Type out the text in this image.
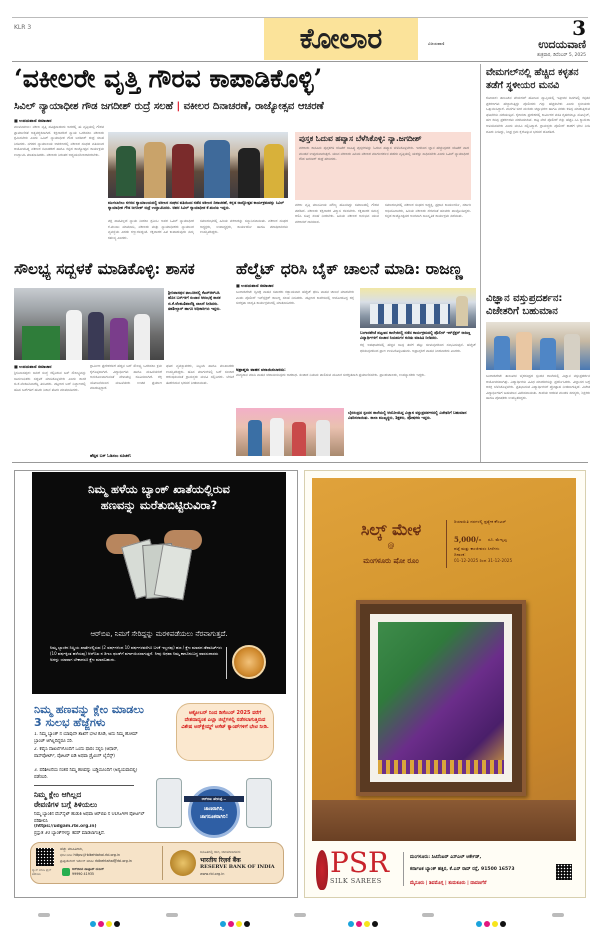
KLR 3	ಕೋಲಾರ	3
ವಿಜಯವಾಣಿ	ಉದಯವಾಣಿ
ಶುಕ್ರವಾರ, ಡಿಸೆಂಬರ್ 5, 2025
‘ವಕೀಲರೇ ವೃತ್ತಿ ಗೌರವ ಕಾಪಾಡಿಕೊಳ್ಳಿ’
ಸಿವಿಲ್ ನ್ಯಾಯಾಧೀಶ ಗೌಡ ಜಗದೀಶ್ ರುದ್ರೆ ಸಲಹೆ | ವಕೀಲರ ದಿನಾಚರಣೆ, ರಾಜ್ಯೋತ್ಸವ ಆಚರಣೆ
■ ಉದಯವಾಣಿ ಸಮಾಚಾರ
ಮುಳಬಾಗಿಲು: ವಕೀಲ ವೃತ್ತಿ ಪವಿತ್ರವಾದುದು ಅದರಲ್ಲಿ ಈ ವೃತ್ತಿಯಲ್ಲಿ ಗೌರವ ಪ್ರಾಮಾಣಿಕತೆ ಅತ್ಯವಶ್ಯಕವಾಗಿದೆ. ಕಕ್ಷಿದಾರರಿಗೆ ನ್ಯಾಯ ಒದಗಿಸಲು ವಕೀಲರು ಶ್ರಮಿಸಬೇಕು ಎಂದು ಸಿವಿಲ್ ನ್ಯಾಯಾಧೀಶ ಗೌಡ ಜಗದೀಶ್ ರುದ್ರೆ ಸಲಹೆ ನೀಡಿದರು. ನಗರದ ನ್ಯಾಯಾಲಯ ಆವರಣದಲ್ಲಿ ವಕೀಲರ ಸಂಘದ ವತಿಯಿಂದ ಆಯೋಜಿಸಿದ್ದ ವಕೀಲರ ದಿನಾಚರಣೆ ಹಾಗೂ ಕನ್ನಡ ರಾಜ್ಯೋತ್ಸವ ಕಾರ್ಯಕ್ರಮ ಉದ್ಘಾಟಿಸಿ ಮಾತನಾಡಿದರು. ವಕೀಲರು ನಿರಂತರ ಅಧ್ಯಯನಶೀಲರಾಗಿರಬೇಕು.
ಮುಳಬಾಗಿಲು ನಗರದ ನ್ಯಾಯಾಲಯದಲ್ಲಿ ವಕೀಲರ ಸಂಘದ ವತಿಯಿಂದ ನಡೆದ ವಕೀಲರ ದಿನಾಚರಣೆ, ಕನ್ನಡ ರಾಜ್ಯೋತ್ಸವ ಕಾರ್ಯಕ್ರಮವನ್ನು ಸಿವಿಲ್ ನ್ಯಾಯಾಧೀಶ ಗೌಡ ಜಗದೀಶ್ ರುದ್ರೆ ಉದ್ಘಾಟಿಸಿದರು. ಅಪರ ಸಿವಿಲ್ ನ್ಯಾಯಾಧೀಶ ಕೆ.ಮಂಜು ಇದ್ದರು.
ಪಕ್ಷ ಪಾತವಿಲ್ಲದೆ ನ್ಯಾಯ ನೀಡಲು ಶ್ರಮಿಸಿ: ಅಪರ ಸಿವಿಲ್ ನ್ಯಾಯಾಧೀಶ ಕೆ.ಮಂಜು ಮಾತನಾಡಿ, ವಕೀಲರು ಮತ್ತು ನ್ಯಾಯಾಧೀಶರು ನ್ಯಾಯಾಂಗ ವ್ಯವಸ್ಥೆಯ ಎರಡು ಕಣ್ಣುಗಳಿದ್ದಂತೆ. ಕಕ್ಷಿದಾರರ ಹಿತ ಕಾಪಾಡುವುದು ನಮ್ಮ ಕರ್ತವ್ಯ ಎಂದರು.
ಸಮಾರಂಭದಲ್ಲಿ ಹಿರಿಯ ವಕೀಲರನ್ನು ಸನ್ಮಾನಿಸಲಾಯಿತು. ವಕೀಲರ ಸಂಘದ ಅಧ್ಯಕ್ಷರು, ಉಪಾಧ್ಯಕ್ಷರು, ಕಾರ್ಯದರ್ಶಿ ಹಾಗೂ ಪದಾಧಿಕಾರಿಗಳು ಉಪಸ್ಥಿತರಿದ್ದರು.
ಪುಸ್ತಕ ಓದುವ ಹವ್ಯಾಸ ಬೆಳೆಸಿಕೊಳ್ಳಿ: ನ್ಯಾ.ಜಗದೀಶ್
ವಕೀಲರು ಕಾನೂನು ಪುಸ್ತಕಗಳ ಜೊತೆಗೆ ಸಾಹಿತ್ಯ ಪುಸ್ತಕಗಳನ್ನು ಓದುವ ಹವ್ಯಾಸ ಬೆಳೆಸಿಕೊಳ್ಳಬೇಕು. ಇದರಿಂದ ಜ್ಞಾನ ಹೆಚ್ಚುವುದರ ಜೊತೆಗೆ ವಾದ ಮಂಡನೆ ಉತ್ತಮವಾಗುತ್ತದೆ. ಯುವ ವಕೀಲರು ಹಿರಿಯ ವಕೀಲರ ಮಾರ್ಗದರ್ಶನ ಪಡೆದು ವೃತ್ತಿಯಲ್ಲಿ ಯಶಸ್ಸು ಸಾಧಿಸಬೇಕು ಎಂದು ಸಿವಿಲ್ ನ್ಯಾಯಾಧೀಶ ಗೌಡ ಜಗದೀಶ್ ರುದ್ರೆ ಹೇಳಿದರು.
ವಕೀಲ ವೃತ್ತಿ ಮಾನವೀಯ ಮೌಲ್ಯ ಹೊಂದಿದ್ದು ಸಮಾಜದಲ್ಲಿ ಗೌರವ ಪಡೆದಿದೆ. ವಕೀಲರು ಕಕ್ಷಿದಾರರ ವಿಶ್ವಾಸ ಗಳಿಸಬೇಕು. ಕಕ್ಷಿದಾರರ ಸಮಸ್ಯೆ ಆಲಿಸಿ ಸೂಕ್ತ ಸಲಹೆ ನೀಡಬೇಕು. ಹಿರಿಯ ವಕೀಲರ ಅನುಭವ ಯುವ ವಕೀಲರಿಗೆ ದಾರಿದೀಪ.
ಸಮಾರಂಭದಲ್ಲಿ ವಕೀಲರ ಸಂಘದ ಅಧ್ಯಕ್ಷ, ಪ್ರಧಾನ ಕಾರ್ಯದರ್ಶಿ, ಸರ್ಕಾರಿ ಅಭಿಯೋಜಕರು, ಹಿರಿಯ ವಕೀಲರು ಸೇರಿದಂತೆ ಹಲವರು ಪಾಲ್ಗೊಂಡಿದ್ದರು. ಕನ್ನಡ ರಾಜ್ಯೋತ್ಸವದ ಅಂಗವಾಗಿ ಸಾಂಸ್ಕೃತಿಕ ಕಾರ್ಯಕ್ರಮ ನಡೆಯಿತು.
ವೇಮಗಲ್‌ನಲ್ಲಿ ಹೆಚ್ಚಿದ ಕಳ್ಳತನ ತಡೆಗೆ ಸ್ಥಳೀಯರ ಮನವಿ
ಕೋಲಾರ: ತಾಲೂಕಿನ ವೇಮಗಲ್ ಹೋಬಳಿ ವ್ಯಾಪ್ತಿಯಲ್ಲಿ ಇತ್ತೀಚಿನ ದಿನಗಳಲ್ಲಿ ಕಳ್ಳತನ ಪ್ರಕರಣಗಳು ಹೆಚ್ಚಾಗುತ್ತಿದ್ದು ಪೊಲೀಸರು ಗಸ್ತು ಹೆಚ್ಚಿಸಬೇಕು ಎಂದು ಸ್ಥಳೀಯರು ಒತ್ತಾಯಿಸಿದ್ದಾರೆ. ಮನೆಗಳ ಬೀಗ ಮುರಿದು ಚಿನ್ನಾಭರಣ ಹಾಗೂ ನಗದು ಕಳವು ಮಾಡುತ್ತಿರುವ ಘಟನೆಗಳು ನಡೆಯುತ್ತಿವೆ. ಕೈಗಾರಿಕಾ ಪ್ರದೇಶದಲ್ಲಿ ಕಾರ್ಮಿಕರ ವಸತಿ ಗೃಹಗಳಲ್ಲೂ ಮೊಬೈಲ್, ಹಣ ಕಳವು ಪ್ರಕರಣಗಳು ವರದಿಯಾಗಿವೆ. ರಾತ್ರಿ ವೇಳೆ ಪೊಲೀಸ್ ಗಸ್ತು ಹೆಚ್ಚಿಸಿ ಸಿಸಿ ಕ್ಯಾಮೆರಾ ಅಳವಡಿಸಬೇಕು ಎಂದು ಮನವಿ ಸಲ್ಲಿಸಿದ್ದಾರೆ. ಗ್ರಾಮಸ್ಥರು ಪೊಲೀಸ್ ಠಾಣೆಗೆ ಭೇಟಿ ನೀಡಿ ದೂರು ನೀಡಿದ್ದು, ಶೀಘ್ರ ಕ್ರಮ ಕೈಗೊಳ್ಳುವ ಭರವಸೆ ದೊರೆತಿದೆ.
ಸೌಲಭ್ಯ ಸದ್ಬಳಕೆ ಮಾಡಿಕೊಳ್ಳಿ: ಶಾಸಕ
ಶ್ರೀನಿವಾಸಪುರ ತಾಲೂಕಿನಲ್ಲಿ ಕೆಎಸ್‌ಆರ್‌ಟಿಸಿ ಹೊಸ ಬಸ್‌ಗಳಿಗೆ ಸಂಚಾರ ಆರಂಭಕ್ಕೆ ಶಾಸಕ ಜಿ.ಕೆ.ವೆಂಕಟಶಿವಾರೆಡ್ಡಿ ಚಾಲನೆ ನೀಡಿದರು. ತಹಶೀಲ್ದಾರ್ ಹಾಗೂ ಅಧಿಕಾರಿಗಳು ಇದ್ದರು.
■ ಉದಯವಾಣಿ ಸಮಾಚಾರ
ಶ್ರೀನಿವಾಸಪುರ: ಸಾರಿಗೆ ಸಂಸ್ಥೆ ಕಲ್ಪಿಸಿರುವ ಬಸ್ ಸೌಲಭ್ಯವನ್ನು ಸಾರ್ವಜನಿಕರು ಸದ್ಬಳಕೆ ಮಾಡಿಕೊಳ್ಳಬೇಕು ಎಂದು ಶಾಸಕ ಜಿ.ಕೆ.ವೆಂಕಟಶಿವಾರೆಡ್ಡಿ ತಿಳಿಸಿದರು. ಪಟ್ಟಣದ ಬಸ್ ನಿಲ್ದಾಣದಲ್ಲಿ ಹೊಸ ಬಸ್‌ಗಳಿಗೆ ಹಸಿರು ನಿಶಾನೆ ತೋರಿ ಮಾತನಾಡಿದರು.
ಗ್ರಾಮೀಣ ಪ್ರದೇಶಗಳಿಗೆ ಹೆಚ್ಚಿನ ಬಸ್ ಸೌಲಭ್ಯ ಒದಗಿಸಲು ಕ್ರಮ ಕೈಗೊಳ್ಳಲಾಗಿದೆ. ವಿದ್ಯಾರ್ಥಿಗಳು ಹಾಗೂ ಮಹಿಳೆಯರಿಗೆ ಅನುಕೂಲವಾಗುವಂತೆ ವೇಳಾಪಟ್ಟಿ ರೂಪಿಸಲಾಗಿದೆ. ಶಕ್ತಿ ಯೋಜನೆಯಿಂದ ಮಹಿಳೆಯರು ಉಚಿತ ಪ್ರಯಾಣ ಮಾಡುತ್ತಿದ್ದಾರೆ.
ಹೆಚ್ಚಿನ ಬಸ್ ಓಡಿಸಲು ಸೂಚನೆ:
ಘಟಕ ವ್ಯವಸ್ಥಾಪಕರು, ಸಿಬ್ಬಂದಿ ಹಾಗೂ ಮುಖಂಡರು ಉಪಸ್ಥಿತರಿದ್ದರು. ಹೊಸ ಮಾರ್ಗಗಳಲ್ಲಿ ಬಸ್ ಸಂಚಾರ ಆರಂಭಿಸುವಂತೆ ಗ್ರಾಮಸ್ಥರು ಮನವಿ ಸಲ್ಲಿಸಿದರು. ಬೇಡಿಕೆ ಈಡೇರಿಸುವ ಭರವಸೆ ನೀಡಲಾಯಿತು.
ಹೆಲ್ಮೆಟ್ ಧರಿಸಿ ಬೈಕ್ ಚಾಲನೆ ಮಾಡಿ: ರಾಜಣ್ಣ
■ ಉದಯವಾಣಿ ಸಮಾಚಾರ
ಬಂಗಾರಪೇಟೆ: ದ್ವಿಚಕ್ರ ವಾಹನ ಸವಾರರು ಕಡ್ಡಾಯವಾಗಿ ಹೆಲ್ಮೆಟ್ ಧರಿಸಿ ವಾಹನ ಚಾಲನೆ ಮಾಡಬೇಕು ಎಂದು ಪೊಲೀಸ್ ಇನ್‌ಸ್ಪೆಕ್ಟರ್ ರಾಜಣ್ಣ ಸಲಹೆ ನೀಡಿದರು. ಪಟ್ಟಣದ ಕಾಲೇಜಿನಲ್ಲಿ ಆಯೋಜಿಸಿದ್ದ ರಸ್ತೆ ಸುರಕ್ಷತಾ ಜಾಗೃತಿ ಕಾರ್ಯಕ್ರಮದಲ್ಲಿ ಮಾತನಾಡಿದರು.
ಬಂಗಾರಪೇಟೆ ಪಟ್ಟಣದ ಕಾಲೇಜಿನಲ್ಲಿ ನಡೆದ ಕಾರ್ಯಕ್ರಮದಲ್ಲಿ ಪೊಲೀಸ್ ಇನ್‌ಸ್ಪೆಕ್ಟರ್ ರಾಜಣ್ಣ ವಿದ್ಯಾರ್ಥಿಗಳಿಗೆ ಸಂಚಾರ ನಿಯಮಗಳ ಕುರಿತು ಮಾಹಿತಿ ನೀಡಿದರು.
ರಸ್ತೆ ಅಪಘಾತಗಳಲ್ಲಿ ಹೆಚ್ಚಿನ ಸಾವು ತಲೆಗೆ ಪೆಟ್ಟು ಬೀಳುವುದರಿಂದ ಸಂಭವಿಸುತ್ತವೆ. ಹೆಲ್ಮೆಟ್ ಧರಿಸುವುದರಿಂದ ಪ್ರಾಣ ಉಳಿಸಿಕೊಳ್ಳಬಹುದು. ಅಪ್ರಾಪ್ತರಿಗೆ ವಾಹನ ನೀಡಬಾರದು ಎಂದರು.
ಅಪ್ರಾಪ್ತರು ವಾಹನ ಚಲಾಯಿಸಬಾರದು:
ಮದ್ಯಪಾನ ಮಾಡಿ ವಾಹನ ಚಲಾಯಿಸುವುದು ಅಪರಾಧ. ಸಂಚಾರ ನಿಯಮ ಪಾಲಿಸುವ ಮೂಲಕ ಸುರಕ್ಷಿತವಾಗಿ ಪ್ರಯಾಣಿಸಬೇಕು. ಪ್ರಾಂಶುಪಾಲರು, ಉಪನ್ಯಾಸಕರು ಇದ್ದರು.
ಬೈರಸಂದ್ರದ ಸ್ಪಂದನ ಶಾಲೆಯಲ್ಲಿ ಆಯೋಜಿಸಿದ್ದ ವಿಜ್ಞಾನ ವಸ್ತುಪ್ರದರ್ಶನದಲ್ಲಿ ವಿಜೇತರಿಗೆ ಬಹುಮಾನ ವಿತರಿಸಲಾಯಿತು. ಶಾಲಾ ಮುಖ್ಯಸ್ಥರು, ಶಿಕ್ಷಕರು, ಪೋಷಕರು ಇದ್ದರು.
ವಿಜ್ಞಾನ ವಸ್ತುಪ್ರದರ್ಶನ: ವಿಜೇತರಿಗೆ ಬಹುಮಾನ
ಬಂಗಾರಪೇಟೆ: ತಾಲೂಕಿನ ಬೈರಸಂದ್ರದ ಸ್ಪಂದನ ಶಾಲೆಯಲ್ಲಿ ವಿಜ್ಞಾನ ವಸ್ತುಪ್ರದರ್ಶನ ಆಯೋಜಿಸಲಾಗಿತ್ತು. ವಿದ್ಯಾರ್ಥಿಗಳು ವಿವಿಧ ಮಾದರಿಗಳನ್ನು ಪ್ರದರ್ಶಿಸಿದರು. ವಿಜ್ಞಾನದ ಬಗ್ಗೆ ಆಸಕ್ತಿ ಬೆಳೆಸಿಕೊಳ್ಳಬೇಕು. ಪ್ರತಿಭಾವಂತ ವಿದ್ಯಾರ್ಥಿಗಳಿಗೆ ಪ್ರೋತ್ಸಾಹ ನೀಡಲಾಗುತ್ತಿದೆ. ವಿಜೇತ ವಿದ್ಯಾರ್ಥಿಗಳಿಗೆ ಬಹುಮಾನ ವಿತರಿಸಲಾಯಿತು. ಶಾಲೆಯ ಆಡಳಿತ ಮಂಡಳಿ ಸದಸ್ಯರು, ಶಿಕ್ಷಕರು ಹಾಗೂ ಪೋಷಕರು ಉಪಸ್ಥಿತರಿದ್ದರು.
ನಿಮ್ಮ ಹಳೆಯ ಬ್ಯಾಂಕ್ ಖಾತೆಯಲ್ಲಿರುವ
ಹಣವನ್ನು ಮರೆತುಬಿಟ್ಟಿರುವಿರಾ?
ಆರ್‌ಬಿಐ, ನಿಮಗೆ ಸೇರಿದ್ದನ್ನು ಮರಳಿಪಡೆಯಲು ನೆರವಾಗುತ್ತದೆ.
ನಿಮ್ಮ ಬ್ಯಾಂಕಿನ ನಿಷ್ಕ್ರಿಯ ಖಾತೆಗಳಲ್ಲಿರುವ (2 ವರ್ಷಗಳಿಂದ 10 ವರ್ಷಗಳವರೆಗೂ ಬಳಕೆ ಇಲ್ಲದವು) ಹಣ / ಕ್ಲೇಂ ಮಾಡದ ಡೆಪಾಸಿಟ್‌ಗಳು (10 ವರ್ಷಕ್ಕಿಂತ ಹಳೆಯವು) ಆರ್‌ಬಿಐ ನ ಡಿಇಎ ಫಂಡ್‌ಗೆ ವರ್ಗಾಯಿಸಲಾಗುತ್ತದೆ. ನೀವು ಅಥವಾ ನಿಮ್ಮ ಕಾನೂನುಬದ್ಧ ವಾರಸುದಾರರು ಅದನ್ನು ಯಾವಾಗ ಬೇಕಾದರೂ ಕ್ಲೇಂ ಮಾಡಬಹುದು.
ನಿಮ್ಮ ಹಣವನ್ನು ಕ್ಲೇಂ ಮಾಡಲು
3 ಸುಲಭ ಹೆಜ್ಜೆಗಳು
1. ನಿಮ್ಮ ಬ್ಯಾಂಕ್ ನ ಯಾವುದೇ ಶಾಖೆಗೆ ಭೇಟಿ ಕೊಡಿ, ಅದು ನಿಮ್ಮ ಹೋಮ್ ಬ್ರಾಂಚ್ ಆಗಿಲ್ಲದಿದ್ದರೂ ಸರಿ.
2. ಕೆವೈಸಿ ದಾಖಲೆಗಳೊಂದಿಗೆ ಒಂದು ಫಾರಂ ಸಲ್ಲಿಸಿ (ಆಧಾರ್, ಪಾಸ್‌ಪೋರ್ಟ್, ವೋಟರ್ ಐಡಿ ಅಥವಾ ಡ್ರೈವಿಂಗ್ ಲೈಸೆನ್ಸ್)
3. ಪರಿಶೀಲನೆಯ ನಂತರ ನಿಮ್ಮ ಹಣವನ್ನು ಬಡ್ಡಿಯೊಂದಿಗೆ (ಅನ್ವಯವಾದಲ್ಲಿ) ಪಡೆಯಿರಿ.
ಅಕ್ಟೋಬರ್ ನಿಂದ ಡಿಸೆಂಬರ್ 2025 ವರೆಗೆ ದೇಶದಾದ್ಯಂತ ಎಲ್ಲಾ ಜಿಲ್ಲೆಗಳಲ್ಲಿ ನಡೆಸಲಾಗುತ್ತಿರುವ ವಿಶೇಷ ಅನ್‌ಕ್ಲೇಮ್ಡ್ ಅಸೆಟ್ ಕ್ಯಾಂಪ್‌ಗಳಿಗೆ ಭೇಟಿ ನೀಡಿ.
ಆರ್‌ಬಿಐ ಹೇಳುತ್ತೆ...
ಜಾಣರಾಗಿರಿ,
ಜಾಗರೂಕರಾಗಿರಿ!
ನಿಮ್ಮ ಕ್ಲೇಂ ಆಗಿಲ್ಲದ
ಠೇವಣಿಗಳ ಬಗ್ಗೆ ತಿಳಿಯಲು
ನಿಮ್ಮ ಬ್ಯಾಂಕಿನ ವೆಬ್‌ಸೈಟ್ ಹುಡುಕಿ ಅಥವಾ ಆರ್‌ಬಿಐ ನ UDGAM ಪೋರ್ಟಲ್ ಪರಿಶೀಲಿಸಿ
(https://udgam.rbi.org.in)
ಪ್ರಸ್ತುತ 30 ಬ್ಯಾಂಕ್‌ಗಳನ್ನು ಕವರ್ ಮಾಡಲಾಗುತ್ತಿದೆ.
ಸ್ಕ್ಯಾನ್ ಮಾಡಿ ಫೈಲ್ ಪಡೆಯಿರಿ
ಹೆಚ್ಚು ಮಾಹಿತಿಗಾಗಿ,
ಭೇಟಿ ನೀಡಿ: https://rbikehtahai.rbi.org.in
ಪ್ರತಿಕ್ರಿಯೆಗಳಿಗೆ ಇಮೇಲ್ ಮಾಡಿ: rbikehtahai@rbi.org.in
ಆರ್‌ಬಿಐನ ವಾಟ್ಸಾಪ್ ನಂಬರ್
99990 41935
ಜನಹಿತದಲ್ಲಿ ಜಾರಿ, ಜಾರಿಮಾಡಿದವರು
भारतीय रिज़र्व बैंक
RESERVE BANK OF INDIA
www.rbi.org.in
ಸಿಲ್ಕ್ ಮೇಳ
@
ಮಂಗಳೂರು ಷೋ ರೂಂ
ರಿಯಾಯಿತಿ ದರಗಳಲ್ಲಿ ಪ್ರತ್ಯೇಕ ಕೌಂಟರ್
5,000/- ರೂ. ಮೇಲ್ಪಟ್ಟ
ಪಟ್ಟೆ ಮತ್ತು ಕಾಂಜೀವರಂ ಸೀರೆಗಳು
ದಿನಾಂಕ:
01-12-2025 ರಿಂದ 31-12-2025
PSR
SILK SAREES
ಮಂಗಳೂರು: ಸಿಟಿಸೆಂಟರ್ ಎಸ್‌ಎಲ್ ಆರ್ಕೇಡ್,
ಕರ್ನಾಟಕ ಬ್ಯಾಂಕ್ ಹತ್ತಿರ, ಕೆ.ಎಸ್ ರಾವ್ ರಸ್ತೆ, 91500 16573
ಮೈಸೂರು | ಶಿವಮೊಗ್ಗ | ತುಮಕೂರು | ದಾವಣಗೆರೆ
